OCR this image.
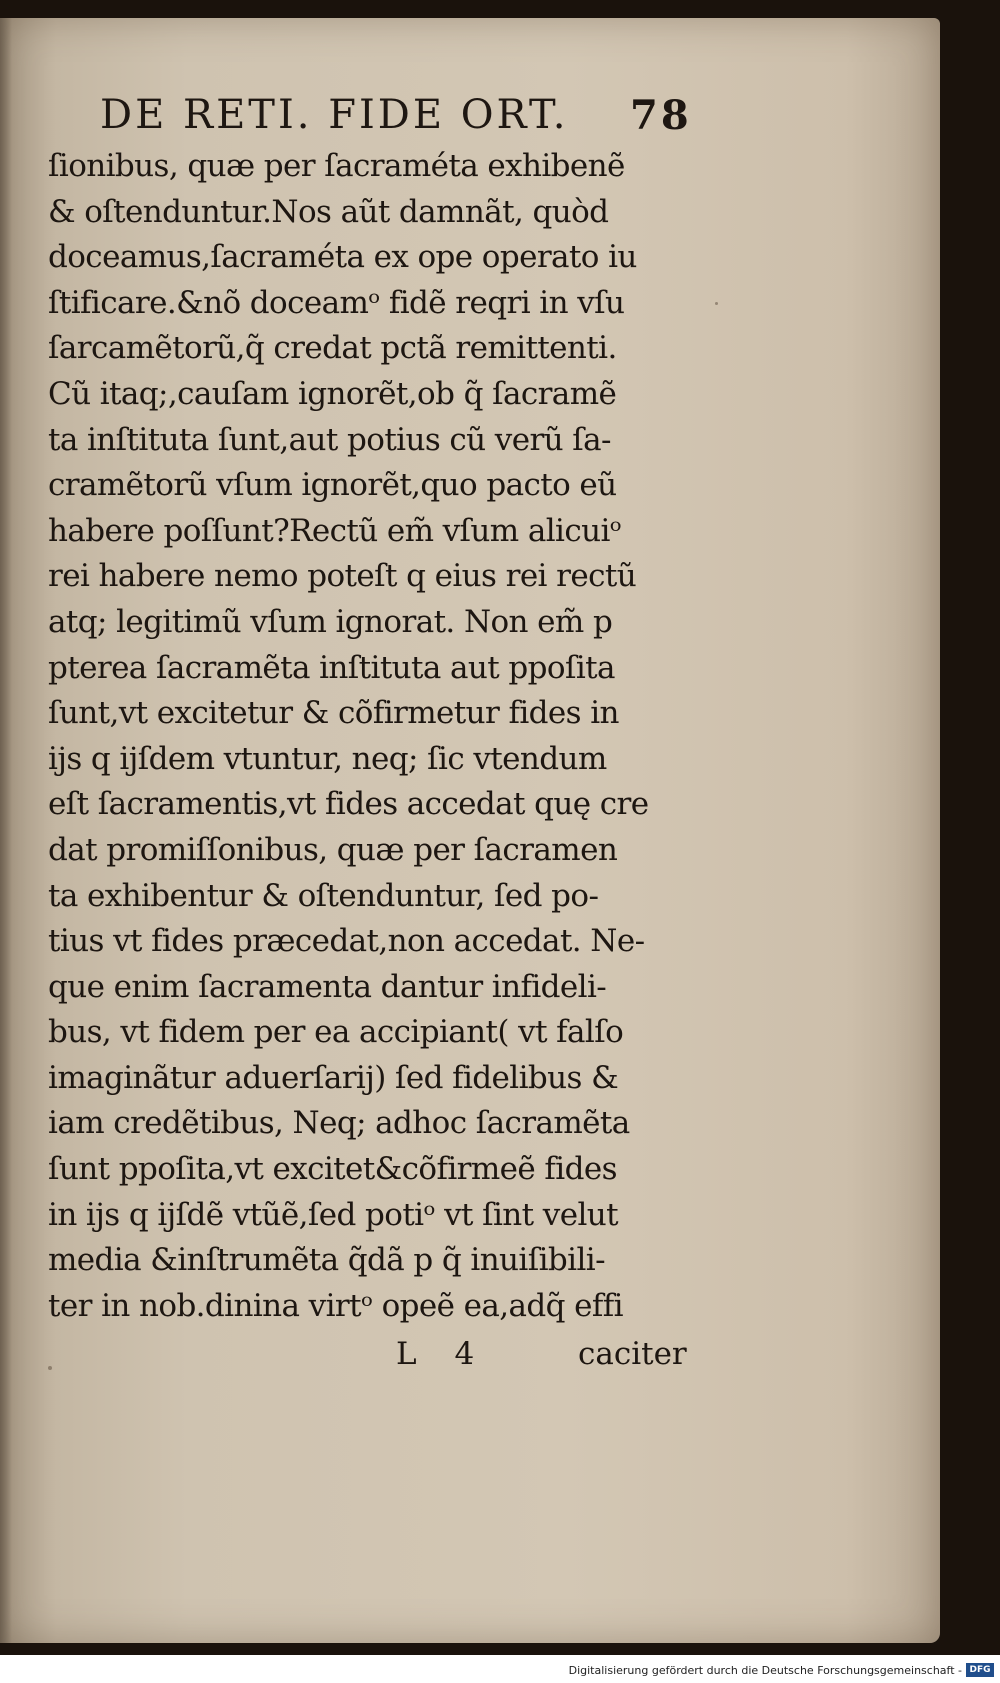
DE RETI. FIDE ORT. 78
ſionibus, quæ per ſacraméta exhibenẽ
& oſtenduntur.Nos aũt damnãt, quòd
doceamus,ſacraméta ex ope operato iu
ſtificare.&nõ doceamᵒ fidẽ reqri in vſu
ſarcamẽtorũ,q̃ credat pctã remittenti.
Cũ itaq;,cauſam ignorẽt,ob q̃ ſacramẽ
ta inſtituta ſunt,aut potius cũ verũ ſa-
cramẽtorũ vſum ignorẽt,quo pacto eũ
habere poſſunt?Rectũ em̃ vſum alicuiᵒ
rei habere nemo poteſt q eius rei rectũ
atq; legitimũ vſum ignorat. Non em̃ p
pterea ſacramẽta inſtituta aut ppoſita
ſunt,vt excitetur & cõfirmetur fides in
ijs q ijſdem vtuntur, neq; ſic vtendum
eſt ſacramentis,vt fides accedat quę cre
dat promiſſonibus, quæ per ſacramen
ta exhibentur & oſtenduntur, ſed po-
tius vt fides præcedat,non accedat. Ne-
que enim ſacramenta dantur infideli-
bus, vt fidem per ea accipiant( vt falſo
imaginãtur aduerſarij) ſed fidelibus &
iam credẽtibus, Neq; adhoc ſacramẽta
ſunt ppoſita,vt excitet&cõfirmeẽ fides
in ijs q ijſdẽ vtũẽ,ſed potiᵒ vt ſint velut
media &inſtrumẽta q̃dã p q̃ inuiſibili-
ter in nob.dinina virtᵒ opeẽ ea,adq̃ effi
L 4	caciter
Digitalisierung gefördert durch die Deutsche Forschungsgemeinschaft - DFG
